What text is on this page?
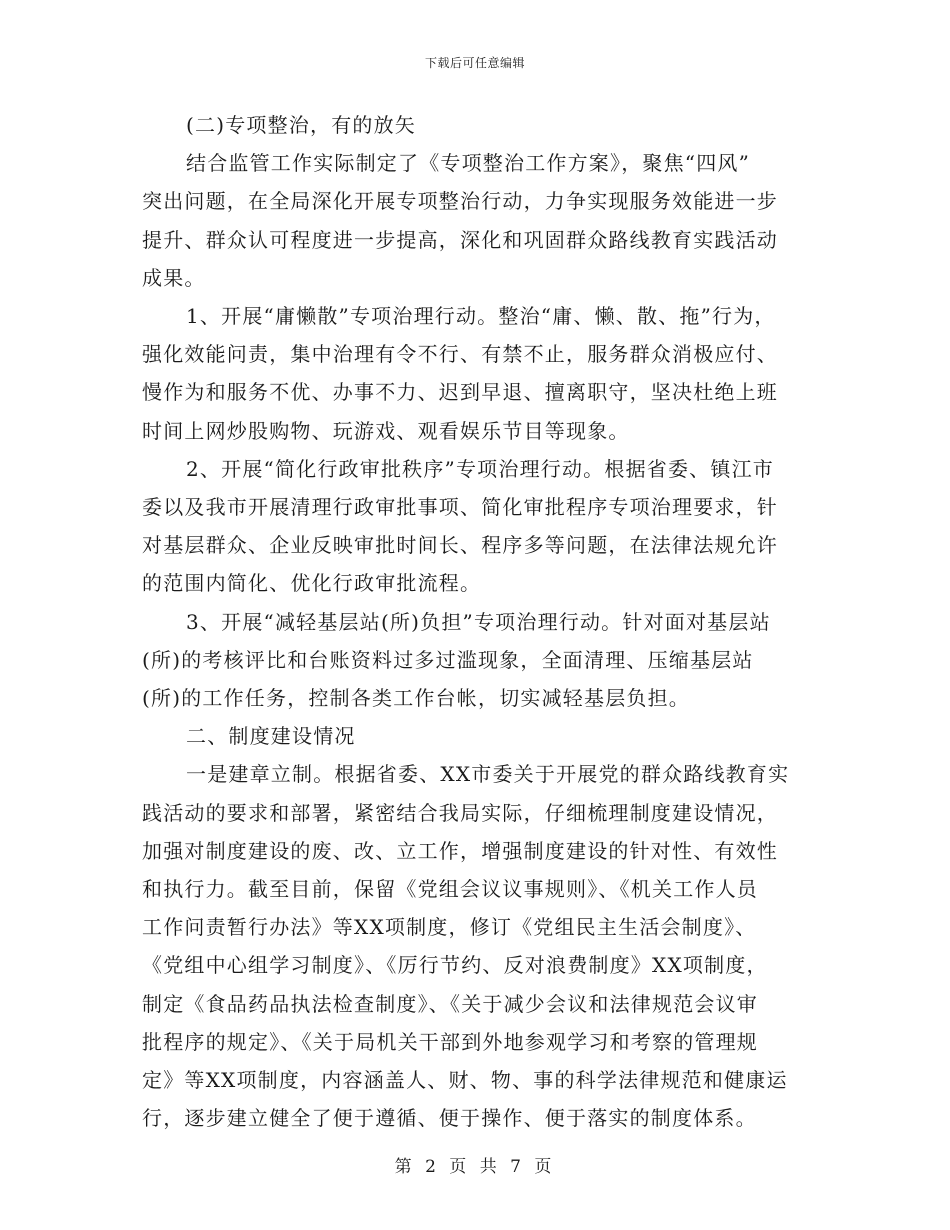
下载后可任意编辑
(二)专项整治，有的放矢
结合监管工作实际制定了《专项整治工作方案》，聚焦“四风”
突出问题，在全局深化开展专项整治行动，力争实现服务效能进一步
提升、群众认可程度进一步提高，深化和巩固群众路线教育实践活动
成果。
1、开展“庸懒散”专项治理行动。整治“庸、懒、散、拖”行为，
强化效能问责，集中治理有令不行、有禁不止，服务群众消极应付、
慢作为和服务不优、办事不力、迟到早退、擅离职守，坚决杜绝上班
时间上网炒股购物、玩游戏、观看娱乐节目等现象。
2、开展“简化行政审批秩序”专项治理行动。根据省委、镇江市
委以及我市开展清理行政审批事项、简化审批程序专项治理要求，针
对基层群众、企业反映审批时间长、程序多等问题，在法律法规允许
的范围内简化、优化行政审批流程。
3、开展“减轻基层站(所)负担”专项治理行动。针对面对基层站
(所)的考核评比和台账资料过多过滥现象，全面清理、压缩基层站
(所)的工作任务，控制各类工作台帐，切实减轻基层负担。
二、制度建设情况
一是建章立制。根据省委、XX市委关于开展党的群众路线教育实
践活动的要求和部署，紧密结合我局实际，仔细梳理制度建设情况，
加强对制度建设的废、改、立工作，增强制度建设的针对性、有效性
和执行力。截至目前，保留《党组会议议事规则》、《机关工作人员
工作问责暂行办法》等XX项制度，修订《党组民主生活会制度》、
《党组中心组学习制度》、《厉行节约、反对浪费制度》XX项制度，
制定《食品药品执法检查制度》、《关于减少会议和法律规范会议审
批程序的规定》、《关于局机关干部到外地参观学习和考察的管理规
定》等XX项制度，内容涵盖人、财、物、事的科学法律规范和健康运
行，逐步建立健全了便于遵循、便于操作、便于落实的制度体系。
第 2 页 共 7 页
